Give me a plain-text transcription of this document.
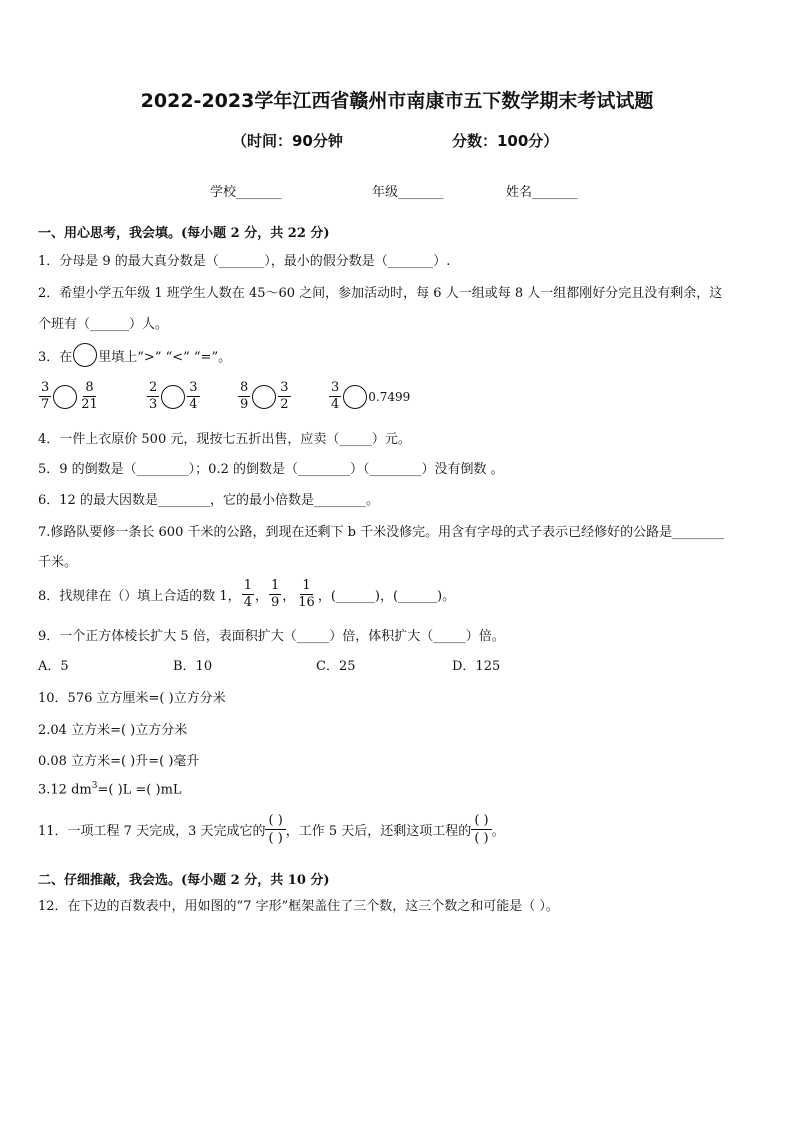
2022-2023学年江西省赣州市南康市五下数学期末考试试题
（时间：90分钟	分数：100分）
学校_______	年级_______	姓名_______
一、用心思考，我会填。(每小题 2 分，共 22 分)
1．分母是 9 的最大真分数是（_______），最小的假分数是（_______）.
2．希望小学五年级 1 班学生人数在 45～60 之间，参加活动时，每 6 人一组或每 8 人一组都刚好分完且没有剩余，这
个班有（______）人。
3．在 里填上“>” “<” “=”。
$\frac{3}{7} \frac{8}{21}$	$\frac{2}{3} \frac{3}{4}$	$\frac{8}{9} \frac{3}{2}$	$\frac{3}{4} 0.7499$
4．一件上衣原价 500 元，现按七五折出售，应卖（_____）元。
5．9 的倒数是（________）；0.2 的倒数是（________）（________）没有倒数 。
6．12 的最大因数是________，它的最小倍数是________。
7.修路队要修一条长 600 千米的公路，到现在还剩下 b 千米没修完。用含有字母的式子表示已经修好的公路是________
千米。
8．找规律在（）填上合适的数 1， $\frac{1}{4}$ ， $\frac{1}{9}$ ， $\frac{1}{16}$ ，(______)，(______)。
9．一个正方体棱长扩大 5 倍，表面积扩大（_____）倍，体积扩大（_____）倍。
A．5	B．10	C．25	D．125
10．576 立方厘米=( )立方分米
2.04 立方米=( )立方分米
0.08 立方米=( )升=( )毫升
3.12 $dm^3=$( )L =( )mL
11．一项工程 7 天完成，3 天完成它的
( )
( ) ，工作 5 天后，还剩这项工程的
( )
( ) 。
二、仔细推敲，我会选。(每小题 2 分，共 10 分)
12．在下边的百数表中，用如图的“7 字形”框架盖住了三个数，这三个数之和可能是（ ）。
